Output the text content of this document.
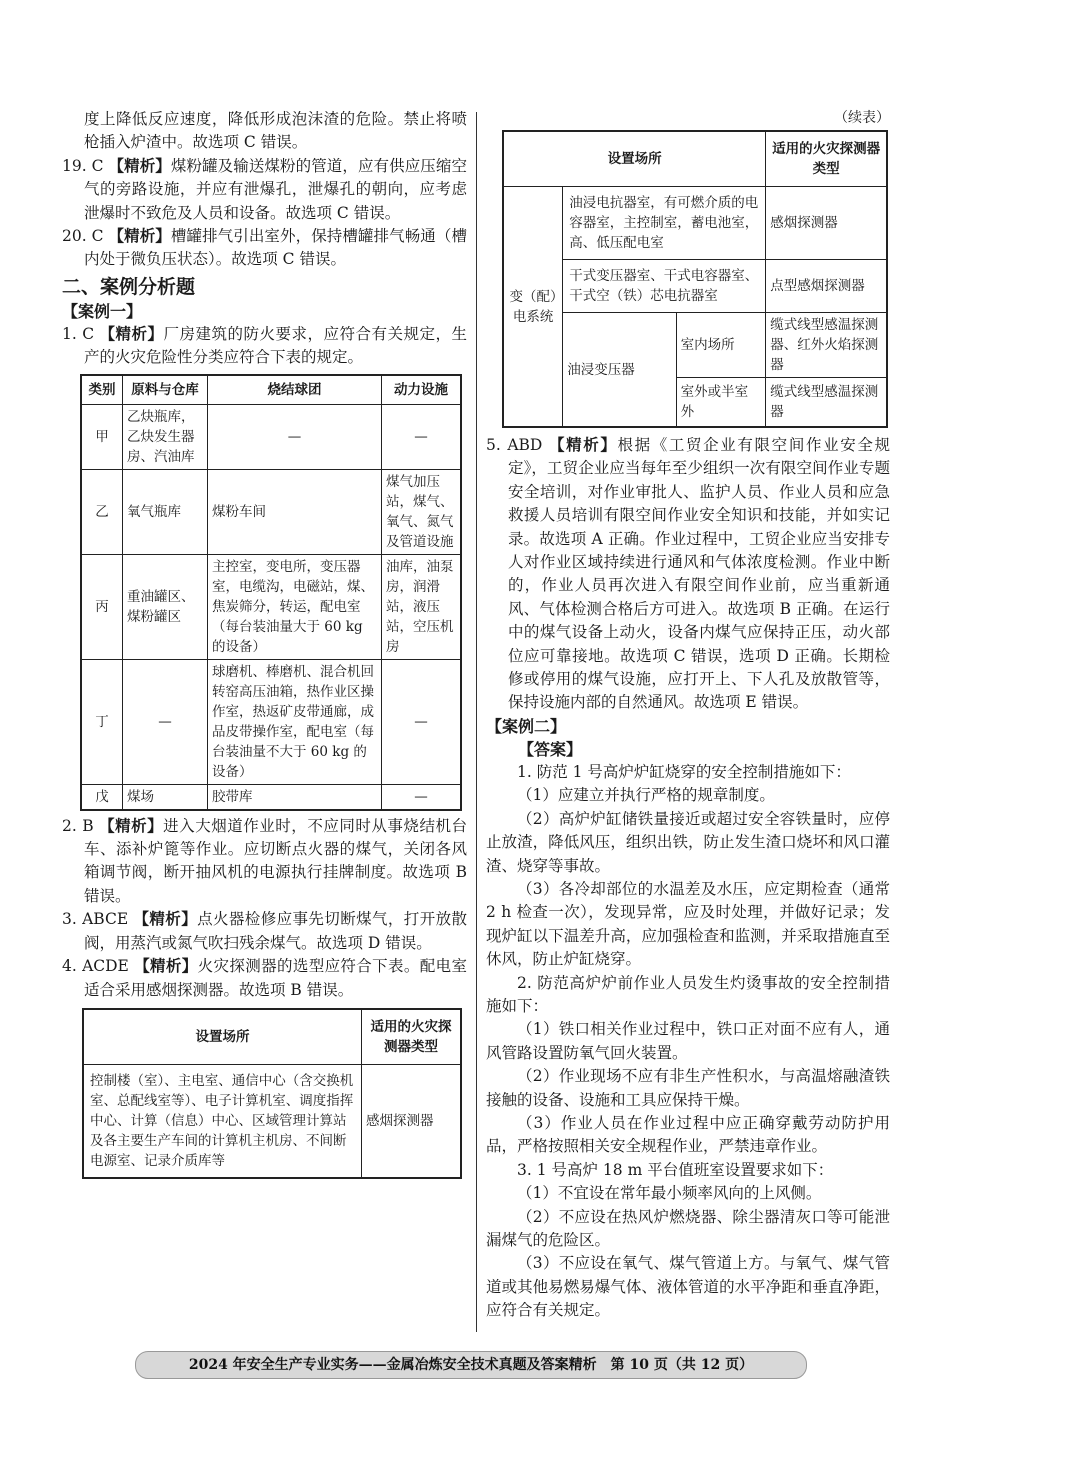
度上降低反应速度，降低形成泡沫渣的危险。禁止将喷枪插入炉渣中。故选项 C 错误。

19. C 【精析】煤粉罐及输送煤粉的管道，应有供应压缩空气的旁路设施，并应有泄爆孔，泄爆孔的朝向，应考虑泄爆时不致危及人员和设备。故选项 C 错误。

20. C 【精析】槽罐排气引出室外，保持槽罐排气畅通（槽内处于微负压状态）。故选项 C 错误。

二、案例分析题
【案例一】

1. C 【精析】厂房建筑的防火要求，应符合有关规定，生产的火灾危险性分类应符合下表的规定。

类别	原料与仓库	烧结球团	动力设施
甲	乙炔瓶库，乙炔发生器房、汽油库	—	—
乙	氧气瓶库	煤粉车间	煤气加压站，煤气、氧气、氮气及管道设施
丙	重油罐区、煤粉罐区	主控室，变电所，变压器室，电缆沟，电磁站，煤、焦炭筛分，转运，配电室（每台装油量大于 60 kg 的设备）	油库，油泵房，润滑站，液压站，空压机房
丁	—	球磨机、棒磨机、混合机回转窑高压油箱，热作业区操作室，热返矿皮带通廊，成品皮带操作室，配电室（每台装油量不大于 60 kg 的设备）	—
戊	煤场	胶带库	—

2. B 【精析】进入大烟道作业时，不应同时从事烧结机台车、添补炉篦等作业。应切断点火器的煤气，关闭各风箱调节阀，断开抽风机的电源执行挂牌制度。故选项 B 错误。

3. ABCE 【精析】点火器检修应事先切断煤气，打开放散阀，用蒸汽或氮气吹扫残余煤气。故选项 D 错误。

4. ACDE 【精析】火灾探测器的选型应符合下表。配电室适合采用感烟探测器。故选项 B 错误。

设置场所	适用的火灾探测器类型
控制楼（室）、主电室、通信中心（含交换机室、总配线室等）、电子计算机室、调度指挥中心、计算（信息）中心、区域管理计算站及各主要生产车间的计算机主机房、不间断电源室、记录介质库等	感烟探测器
（续表）
设置场所			适用的火灾探测器类型
变（配）电系统	油浸电抗器室，有可燃介质的电容器室，主控制室，蓄电池室，高、低压配电室		感烟探测器
	干式变压器室、干式电容器室、干式空（铁）芯电抗器室		点型感烟探测器
	油浸变压器	室内场所	缆式线型感温探测器、红外火焰探测器
		室外或半室外	缆式线型感温探测器

5. ABD 【精析】根据《工贸企业有限空间作业安全规定》，工贸企业应当每年至少组织一次有限空间作业专题安全培训，对作业审批人、监护人员、作业人员和应急救援人员培训有限空间作业安全知识和技能，并如实记录。故选项 A 正确。作业过程中，工贸企业应当安排专人对作业区域持续进行通风和气体浓度检测。作业中断的，作业人员再次进入有限空间作业前，应当重新通风、气体检测合格后方可进入。故选项 B 正确。在运行中的煤气设备上动火，设备内煤气应保持正压，动火部位应可靠接地。故选项 C 错误，选项 D 正确。长期检修或停用的煤气设施，应打开上、下人孔及放散管等，保持设施内部的自然通风。故选项 E 错误。

【案例二】
【答案】

1. 防范 1 号高炉炉缸烧穿的安全控制措施如下：

（1）应建立并执行严格的规章制度。

（2）高炉炉缸储铁量接近或超过安全容铁量时，应停止放渣，降低风压，组织出铁，防止发生渣口烧坏和风口灌渣、烧穿等事故。

（3）各冷却部位的水温差及水压，应定期检查（通常 2 h 检查一次），发现异常，应及时处理，并做好记录；发现炉缸以下温差升高，应加强检查和监测，并采取措施直至休风，防止炉缸烧穿。

2. 防范高炉炉前作业人员发生灼烫事故的安全控制措施如下：

（1）铁口相关作业过程中，铁口正对面不应有人，通风管路设置防氧气回火装置。

（2）作业现场不应有非生产性积水，与高温熔融渣铁接触的设备、设施和工具应保持干燥。

（3）作业人员在作业过程中应正确穿戴劳动防护用品，严格按照相关安全规程作业，严禁违章作业。

3. 1 号高炉 18 m 平台值班室设置要求如下：

（1）不宜设在常年最小频率风向的上风侧。

（2）不应设在热风炉燃烧器、除尘器清灰口等可能泄漏煤气的危险区。

（3）不应设在氧气、煤气管道上方。与氧气、煤气管道或其他易燃易爆气体、液体管道的水平净距和垂直净距，应符合有关规定。

2024 年安全生产专业实务——金属冶炼安全技术真题及答案精析　第 10 页（共 12 页）
